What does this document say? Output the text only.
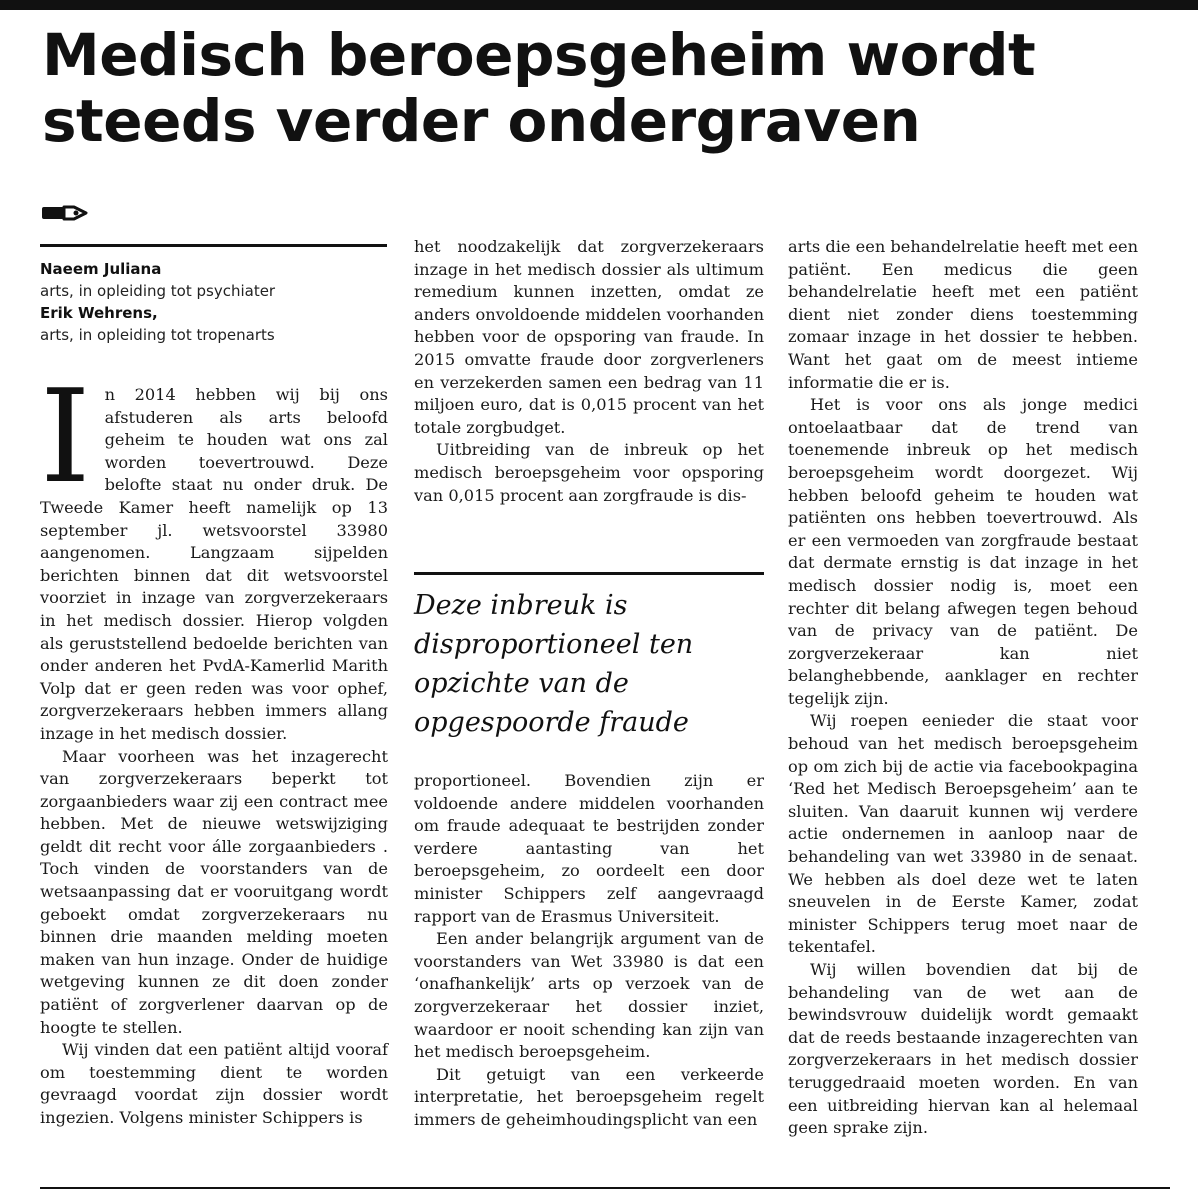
Medisch beroepsgeheim wordt
steeds verder ondergraven
Naeem Juliana
arts, in opleiding tot psychiater
Erik Wehrens,
arts, in opleiding tot tropenarts
I n 2014 hebben wij bij ons afstuderen als arts beloofd geheim te houden wat ons zal worden toevertrouwd. Deze belofte staat nu onder druk. De Tweede Kamer heeft namelijk op 13 september jl. wetsvoorstel 33980 aangenomen. Langzaam sijpelden berichten binnen dat dit wetsvoorstel voorziet in inzage van zorgverzekeraars in het medisch dossier. Hierop volgden als geruststellend bedoelde berichten van onder anderen het PvdA-Kamerlid Marith Volp dat er geen reden was voor ophef, zorgverzekeraars hebben immers allang inzage in het medisch dossier.

Maar voorheen was het inzagerecht van zorgverzekeraars beperkt tot zorgaanbieders waar zij een contract mee hebben. Met de nieuwe wetswijziging geldt dit recht voor álle zorgaanbieders . Toch vinden de voorstanders van de wetsaanpassing dat er vooruitgang wordt geboekt omdat zorgverzekeraars nu binnen drie maanden melding moeten maken van hun inzage. Onder de huidige wetgeving kunnen ze dit doen zonder patiënt of zorgverlener daarvan op de hoogte te stellen.

Wij vinden dat een patiënt altijd vooraf om toestemming dient te worden gevraagd voordat zijn dossier wordt ingezien. Volgens minister Schippers is

het noodzakelijk dat zorgverzekeraars inzage in het medisch dossier als ultimum remedium kunnen inzetten, omdat ze anders onvoldoende middelen voorhanden hebben voor de opsporing van fraude. In 2015 omvatte fraude door zorgverleners en verzekerden samen een bedrag van 11 miljoen euro, dat is 0,015 procent van het totale zorgbudget.

Uitbreiding van de inbreuk op het medisch beroepsgeheim voor opsporing van 0,015 procent aan zorgfraude is dis-

Deze inbreuk is
disproportioneel ten
opzichte van de
opgespoorde fraude

proportioneel. Bovendien zijn er voldoende andere middelen voorhanden om fraude adequaat te bestrijden zonder verdere aantasting van het beroepsgeheim, zo oordeelt een door minister Schippers zelf aangevraagd rapport van de Erasmus Universiteit.

Een ander belangrijk argument van de voorstanders van Wet 33980 is dat een ‘onafhankelijk’ arts op verzoek van de zorgverzekeraar het dossier inziet, waardoor er nooit schending kan zijn van het medisch beroepsgeheim.

Dit getuigt van een verkeerde interpretatie, het beroepsgeheim regelt immers de geheimhoudingsplicht van een

arts die een behandelrelatie heeft met een patiënt. Een medicus die geen behandelrelatie heeft met een patiënt dient niet zonder diens toestemming zomaar inzage in het dossier te hebben. Want het gaat om de meest intieme informatie die er is.

Het is voor ons als jonge medici ontoelaatbaar dat de trend van toenemende inbreuk op het medisch beroepsgeheim wordt doorgezet. Wij hebben beloofd geheim te houden wat patiënten ons hebben toevertrouwd. Als er een vermoeden van zorgfraude bestaat dat dermate ernstig is dat inzage in het medisch dossier nodig is, moet een rechter dit belang afwegen tegen behoud van de privacy van de patiënt. De zorgverzekeraar kan niet belanghebbende, aanklager en rechter tegelijk zijn.

Wij roepen eenieder die staat voor behoud van het medisch beroepsgeheim op om zich bij de actie via facebookpagina ‘Red het Medisch Beroepsgeheim’ aan te sluiten. Van daaruit kunnen wij verdere actie ondernemen in aanloop naar de behandeling van wet 33980 in de senaat. We hebben als doel deze wet te laten sneuvelen in de Eerste Kamer, zodat minister Schippers terug moet naar de tekentafel.

Wij willen bovendien dat bij de behandeling van de wet aan de bewindsvrouw duidelijk wordt gemaakt dat de reeds bestaande inzagerechten van zorgverzekeraars in het medisch dossier teruggedraaid moeten worden. En van een uitbreiding hiervan kan al helemaal geen sprake zijn.
